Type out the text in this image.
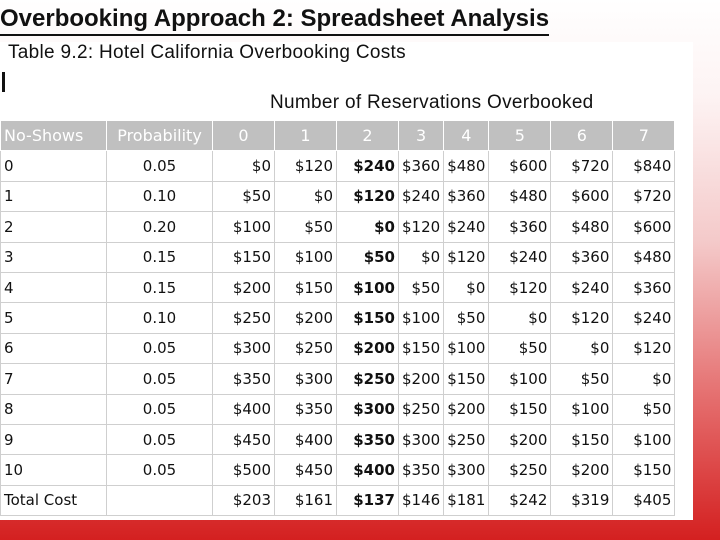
Overbooking Approach 2: Spreadsheet Analysis
Table 9.2: Hotel California Overbooking Costs
Number of Reservations Overbooked
No-Shows	Probability	0	1	2	3	4	5	6	7
0	0.05	$0	$120	$240	$360	$480	$600	$720	$840
1	0.10	$50	$0	$120	$240	$360	$480	$600	$720
2	0.20	$100	$50	$0	$120	$240	$360	$480	$600
3	0.15	$150	$100	$50	$0	$120	$240	$360	$480
4	0.15	$200	$150	$100	$50	$0	$120	$240	$360
5	0.10	$250	$200	$150	$100	$50	$0	$120	$240
6	0.05	$300	$250	$200	$150	$100	$50	$0	$120
7	0.05	$350	$300	$250	$200	$150	$100	$50	$0
8	0.05	$400	$350	$300	$250	$200	$150	$100	$50
9	0.05	$450	$400	$350	$300	$250	$200	$150	$100
10	0.05	$500	$450	$400	$350	$300	$250	$200	$150
Total Cost		$203	$161	$137	$146	$181	$242	$319	$405
